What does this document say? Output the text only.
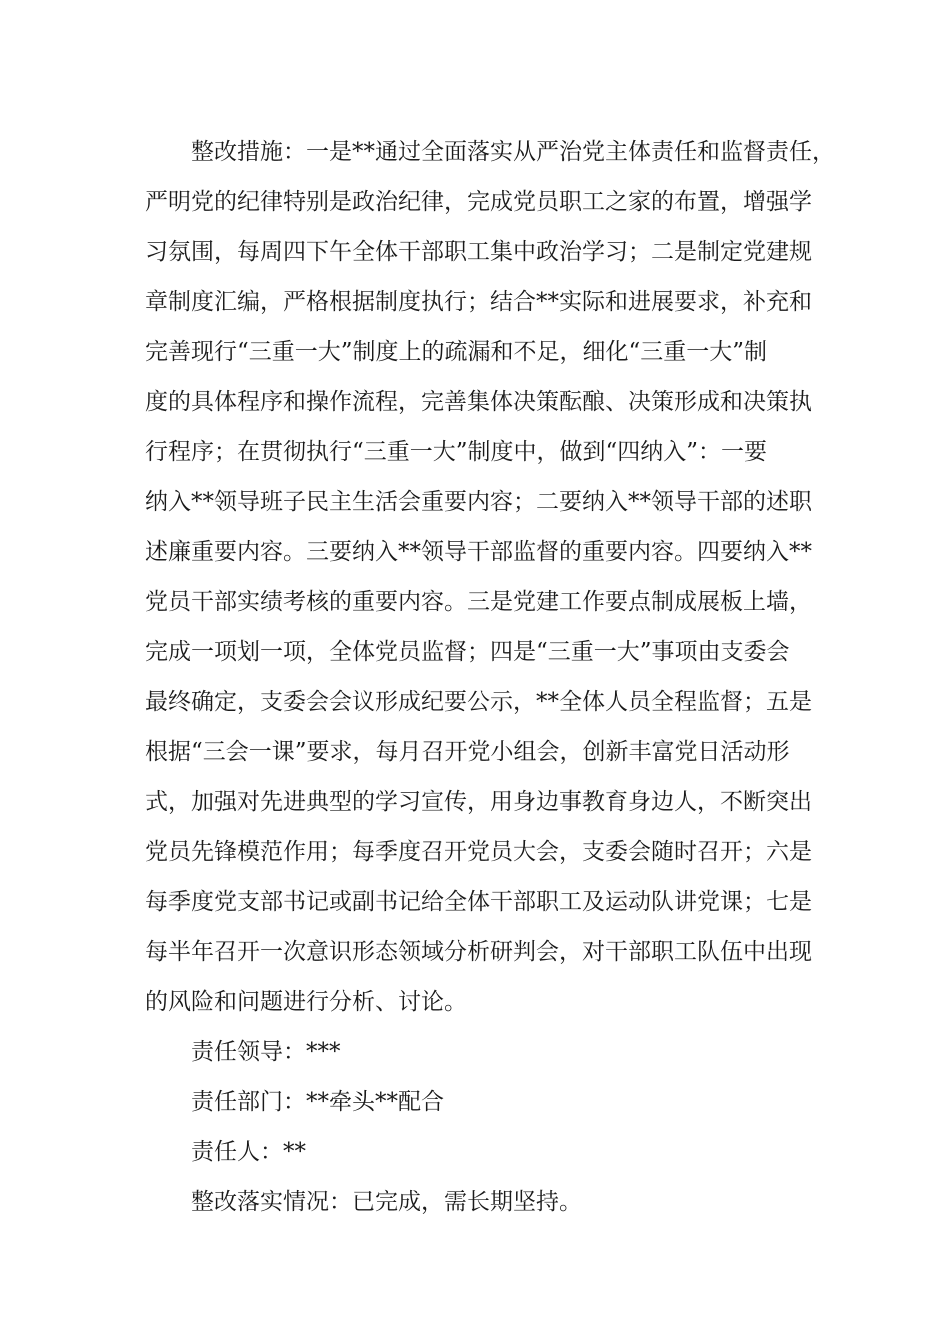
整改措施：一是**通过全面落实从严治党主体责任和监督责任，
严明党的纪律特别是政治纪律，完成党员职工之家的布置，增强学
习氛围，每周四下午全体干部职工集中政治学习；二是制定党建规
章制度汇编，严格根据制度执行；结合**实际和进展要求，补充和
完善现行“三重一大”制度上的疏漏和不足，细化“三重一大”制
度的具体程序和操作流程，完善集体决策酝酿、决策形成和决策执
行程序；在贯彻执行“三重一大”制度中，做到“四纳入”：一要
纳入**领导班子民主生活会重要内容；二要纳入**领导干部的述职
述廉重要内容。三要纳入**领导干部监督的重要内容。四要纳入**
党员干部实绩考核的重要内容。三是党建工作要点制成展板上墙，
完成一项划一项，全体党员监督；四是“三重一大”事项由支委会
最终确定，支委会会议形成纪要公示，**全体人员全程监督；五是
根据“三会一课”要求，每月召开党小组会，创新丰富党日活动形
式，加强对先进典型的学习宣传，用身边事教育身边人，不断突出
党员先锋模范作用；每季度召开党员大会，支委会随时召开；六是
每季度党支部书记或副书记给全体干部职工及运动队讲党课；七是
每半年召开一次意识形态领域分析研判会，对干部职工队伍中出现
的风险和问题进行分析、讨论。

责任领导：***
责任部门：**牵头**配合
责任人：**
整改落实情况：已完成，需长期坚持。
